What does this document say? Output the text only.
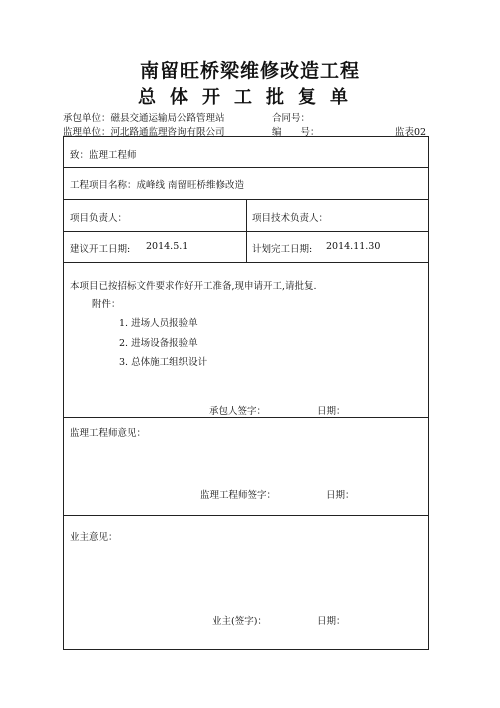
南留旺桥梁维修改造工程
总体开工批复单
承包单位：磁县交通运输局公路管理站	合同号：
监理单位：河北路通监理咨询有限公司	编　　号：	监表02
致：监理工程师
工程项目名称：成峰线 南留旺桥维修改造
项目负责人：	项目技术负责人：
建议开工日期: 2014.5.1	计划完工日期: 2014.11.30
本项目已按招标文件要求作好开工准备,现申请开工,请批复.
附件：
1. 进场人员报验单
2. 进场设备报验单
3. 总体施工组织设计
承包人签字：	日期：
监理工程师意见：
监理工程师签字：	日期：
业主意见：
业主(签字)：	日期：
